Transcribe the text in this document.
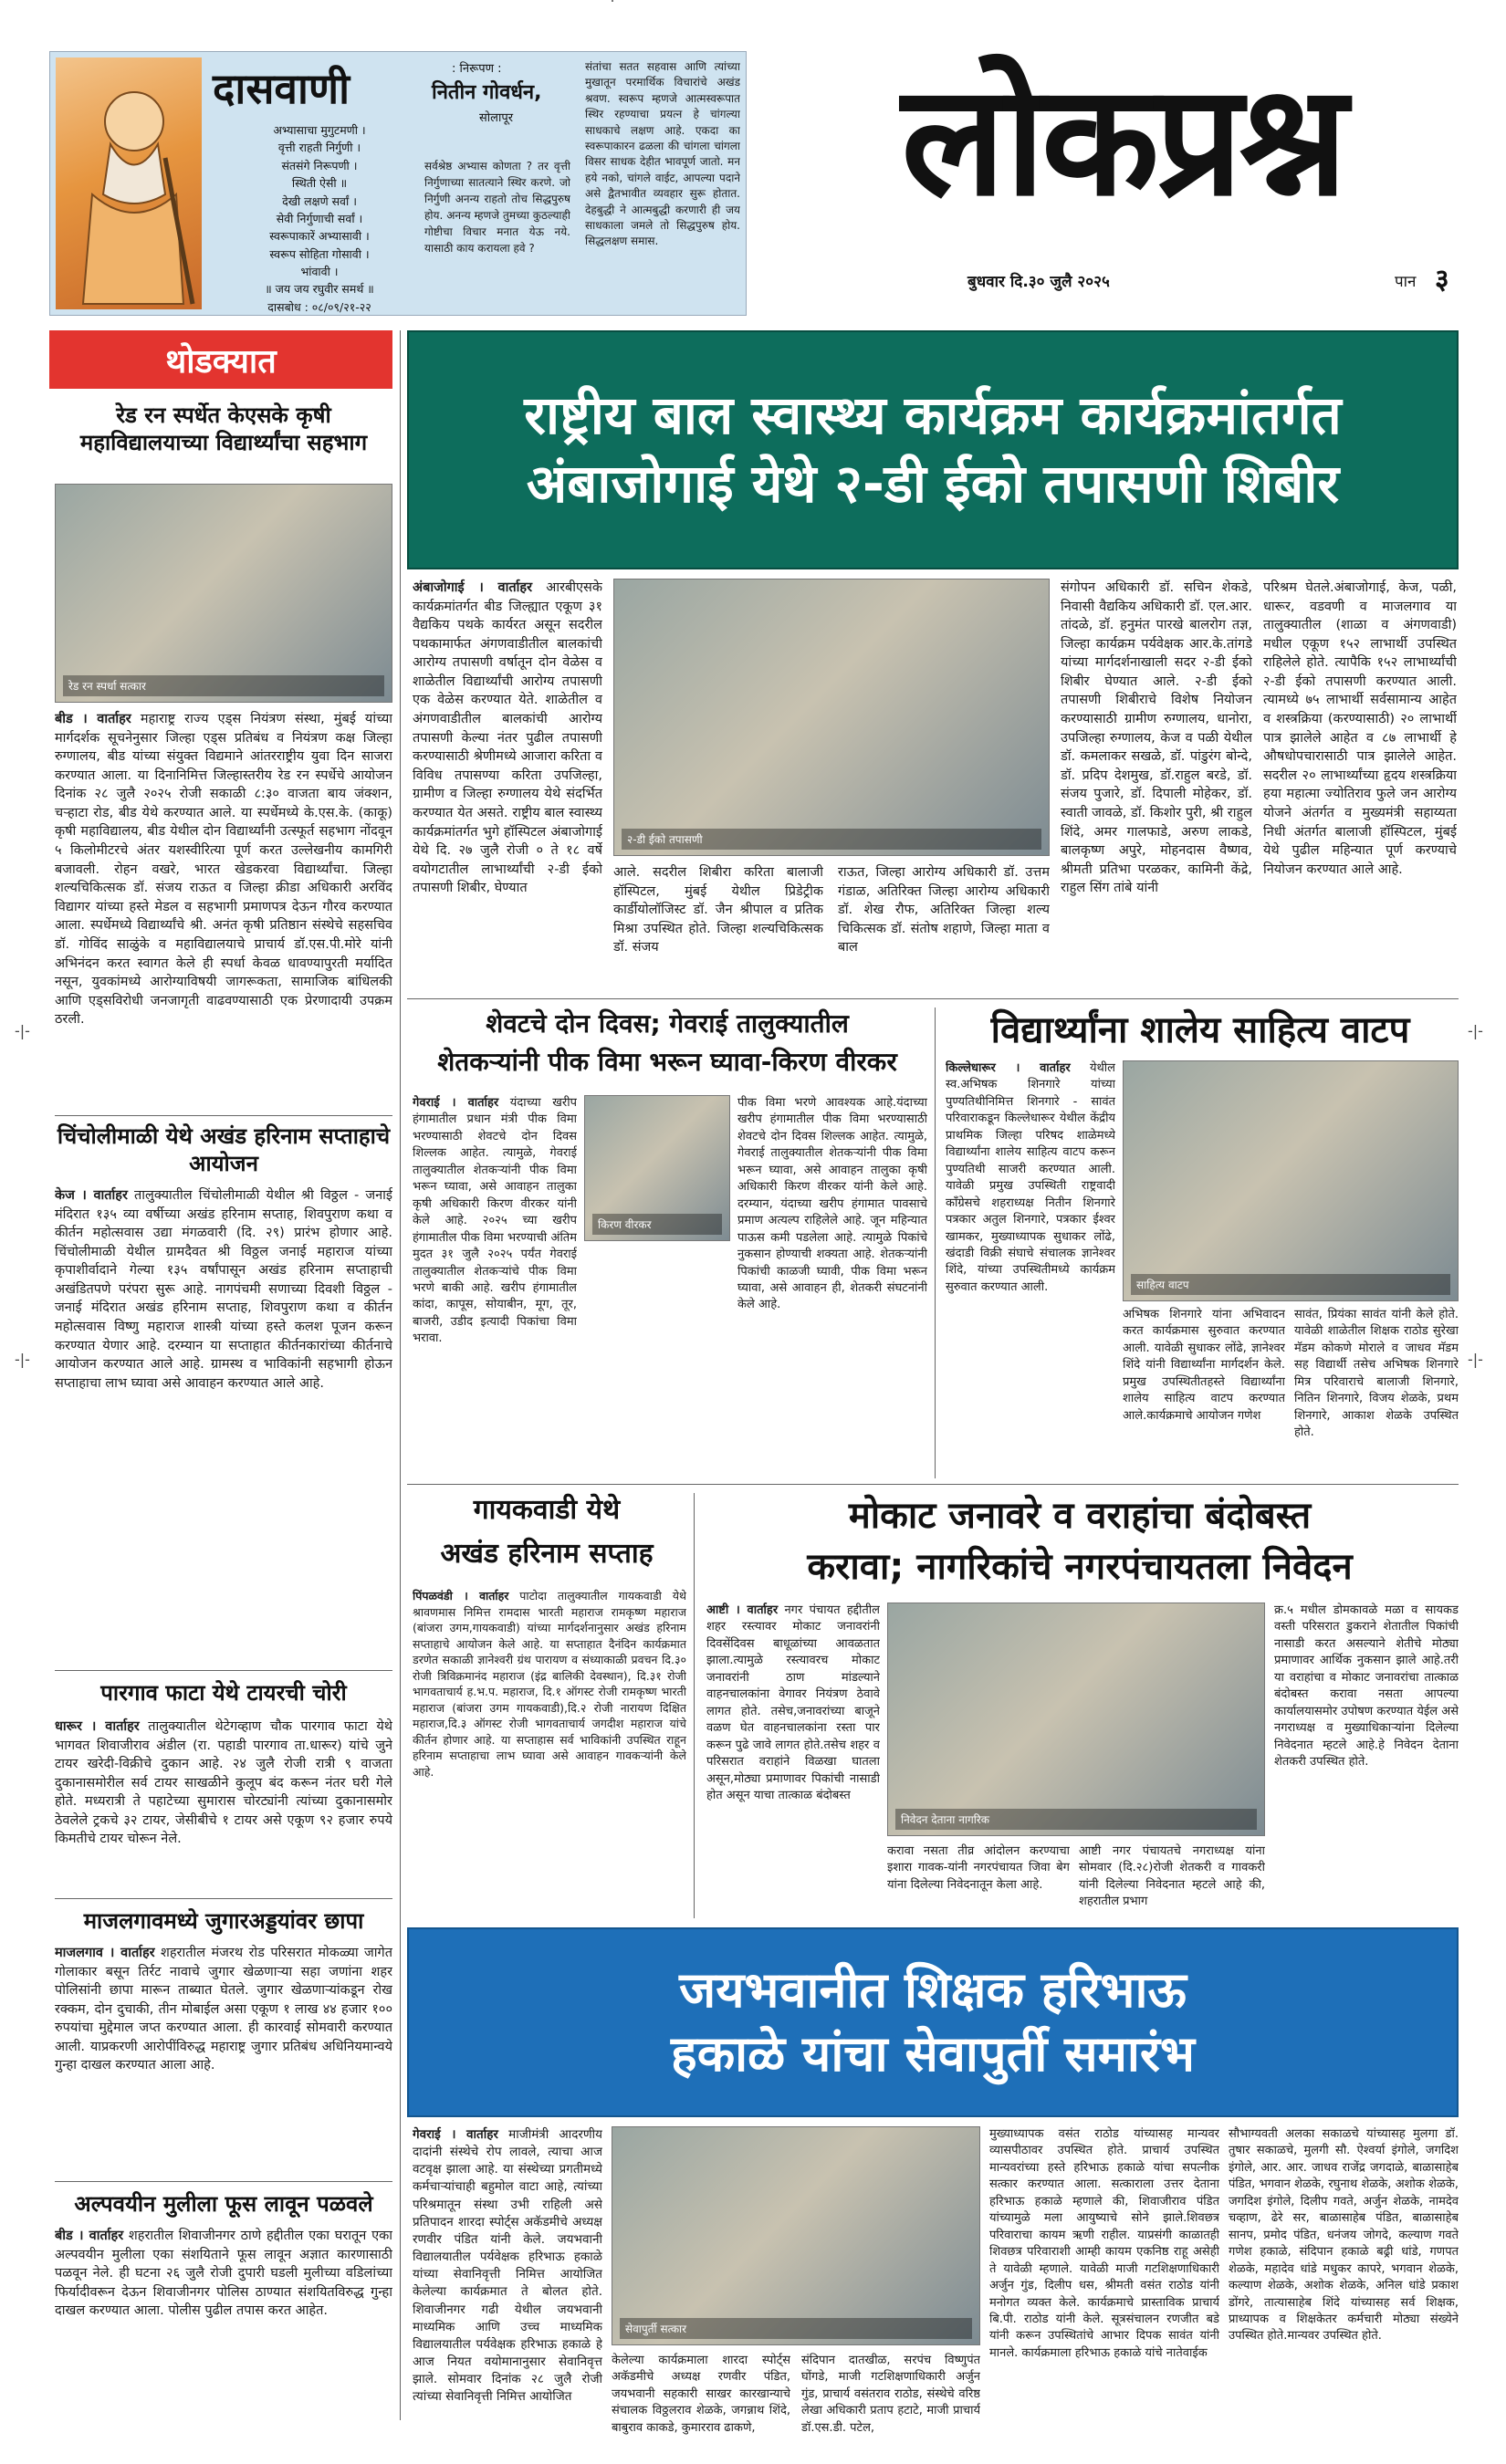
दासवाणी
अभ्यासाचा मुगुटमणी ।
वृत्ती राहती निर्गुणी ।
संतसंगे निरूपणी ।
स्थिती ऐसी ॥
देखी लक्षणे सर्वां ।
सेवी निर्गुणाची सर्वां ।
स्वरूपाकारें अभ्यासावी ।
स्वरूप सोहिता गोसावी ।
भांवावी ।
॥ जय जय रघुवीर समर्थ ॥
दासबोध : ०८/०९/२१-२२
: निरूपण :
नितीन गोवर्धन,
सोलापूर
सर्वश्रेष्ठ अभ्यास कोणता ? तर वृत्ती निर्गुणाच्या सातत्याने स्थिर करणे. जो निर्गुणी अनन्य राहतो तोच सिद्धपुरुष होय. अनन्य म्हणजे तुमच्या कुठल्याही गोष्टीचा विचार मनात येऊ नये. यासाठी काय करायला हवे ?
संतांचा सतत सहवास आणि त्यांच्या मुखातून परमार्थिक विचारांचे अखंड श्रवण. स्वरूप म्हणजे आत्मस्वरूपात स्थिर रहण्याचा प्रयत्न हे चांगल्या साधकाचे लक्षण आहे. एकदा का स्वरूपाकारन ढळला की चांगला चांगला विसर साधक देहीत भावपूर्ण जातो. मन हये नको, चांगले वाईट, आपल्या पदाने असे द्वैतभावीत व्यवहार सुरू होतात. देहबुद्धी ने आत्मबुद्धी करणारी ही जय साधकाला जमले तो सिद्धपुरुष होय. सिद्धलक्षण समास.
लोकप्रश्न
बुधवार दि.३० जुलै २०२५	पान ३
थोडक्यात
रेड रन स्पर्धेत केएसके कृषी महाविद्यालयाच्या विद्यार्थ्यांचा सहभाग
रेड रन स्पर्धा सत्कार
बीड । वार्ताहर महाराष्ट्र राज्य एड्स नियंत्रण संस्था, मुंबई यांच्या मार्गदर्शक सूचनेनुसार जिल्हा एड्स प्रतिबंध व नियंत्रण कक्ष जिल्हा रुग्णालय, बीड यांच्या संयुक्त विद्यमाने आंतरराष्ट्रीय युवा दिन साजरा करण्यात आला. या दिनानिमित्त जिल्हास्तरीय रेड रन स्पर्धेचे आयोजन दिनांक २८ जुलै २०२५ रोजी सकाळी ८:३० वाजता बाय जंक्शन, चऱ्हाटा रोड, बीड येथे करण्यात आले. या स्पर्धेमध्ये के.एस.के. (काकू) कृषी महाविद्यालय, बीड येथील दोन विद्यार्थ्यांनी उत्स्फूर्त सहभाग नोंदवून ५ किलोमीटरचे अंतर यशस्वीरित्या पूर्ण करत उल्लेखनीय कामगिरी बजावली. रोहन वखरे, भारत खेडकरवा विद्यार्थ्यांचा. जिल्हा शल्यचिकित्सक डॉ. संजय राऊत व जिल्हा क्रीडा अधिकारी अरविंद विद्यागर यांच्या हस्ते मेडल व सहभागी प्रमाणपत्र देऊन गौरव करण्यात आला. स्पर्धेमध्ये विद्यार्थ्यांचे श्री. अनंत कृषी प्रतिष्ठान संस्थेचे सहसचिव डॉ. गोविंद साळुंके व महाविद्यालयाचे प्राचार्य डॉ.एस.पी.मोरे यांनी अभिनंदन करत स्वागत केले ही स्पर्धा केवळ धावण्यापुरती मर्यादित नसून, युवकांमध्ये आरोग्याविषयी जागरूकता, सामाजिक बांधिलकी आणि एड्सविरोधी जनजागृती वाढवण्यासाठी एक प्रेरणादायी उपक्रम ठरली.
चिंचोलीमाळी येथे अखंड हरिनाम सप्ताहाचे आयोजन
केज । वार्ताहर तालुक्यातील चिंचोलीमाळी येथील श्री विठ्ठल - जनाई मंदिरात १३५ व्या वर्षीच्या अखंड हरिनाम सप्ताह, शिवपुराण कथा व कीर्तन महोत्सवास उद्या मंगळवारी (दि. २९) प्रारंभ होणार आहे. चिंचोलीमाळी येथील ग्रामदैवत श्री विठ्ठल जनाई महाराज यांच्या कृपाशीर्वादाने गेल्या १३५ वर्षांपासून अखंड हरिनाम सप्ताहाची अखंडितपणे परंपरा सुरू आहे. नागपंचमी सणाच्या दिवशी विठ्ठल - जनाई मंदिरात अखंड हरिनाम सप्ताह, शिवपुराण कथा व कीर्तन महोत्सवास विष्णु महाराज शास्त्री यांच्या हस्ते कलश पूजन करून करण्यात येणार आहे. दरम्यान या सप्ताहात कीर्तनकारांच्या कीर्तनाचे आयोजन करण्यात आले आहे. ग्रामस्थ व भाविकांनी सहभागी होऊन सप्ताहाचा लाभ घ्यावा असे आवाहन करण्यात आले आहे.
पारगाव फाटा येथे टायरची चोरी
धारूर । वार्ताहर तालुक्यातील थेटेगव्हाण चौक पारगाव फाटा येथे भागवत शिवाजीराव अंडील (रा. पहाडी पारगाव ता.धारूर) यांचे जुने टायर खरेदी-विक्रीचे दुकान आहे. २४ जुलै रोजी रात्री ९ वाजता दुकानासमोरील सर्व टायर साखळीने कुलूप बंद करून नंतर घरी गेले होते. मध्यरात्री ते पहाटेच्या सुमारास चोरट्यांनी त्यांच्या दुकानासमोर ठेवलेले ट्रकचे ३२ टायर, जेसीबीचे १ टायर असे एकूण ९२ हजार रुपये किमतीचे टायर चोरून नेले.
माजलगावमध्ये जुगारअड्डयांवर छापा
माजलगाव । वार्ताहर शहरातील मंजरथ रोड परिसरात मोकळ्या जागेत गोलाकार बसून तिर्रट नावाचे जुगार खेळणाऱ्या सहा जणांना शहर पोलिसांनी छापा मारून ताब्यात घेतले. जुगार खेळणाऱ्यांकडून रोख रक्कम, दोन दुचाकी, तीन मोबाईल असा एकूण १ लाख ४४ हजार १०० रुपयांचा मुद्देमाल जप्त करण्यात आला. ही कारवाई सोमवारी करण्यात आली. याप्रकरणी आरोपींविरुद्ध महाराष्ट्र जुगार प्रतिबंध अधिनियमान्वये गुन्हा दाखल करण्यात आला आहे.
अल्पवयीन मुलीला फूस लावून पळवले
बीड । वार्ताहर शहरातील शिवाजीनगर ठाणे हद्दीतील एका घरातून एका अल्पवयीन मुलीला एका संशयिताने फूस लावून अज्ञात कारणासाठी पळवून नेले. ही घटना २६ जुलै रोजी दुपारी घडली मुलीच्या वडिलांच्या फिर्यादीवरून देऊन शिवाजीनगर पोलिस ठाण्यात संशयितविरुद्ध गुन्हा दाखल करण्यात आला. पोलीस पुढील तपास करत आहेत.
राष्ट्रीय बाल स्वास्थ्य कार्यक्रम कार्यक्रमांतर्गत
अंबाजोगाई येथे २-डी ईको तपासणी शिबीर
अंबाजोगाई । वार्ताहर आरबीएसके कार्यक्रमांतर्गत बीड जिल्ह्यात एकूण ३१ वैद्यकिय पथके कार्यरत असून सदरील पथकामार्फत अंगणवाडीतील बालकांची आरोग्य तपासणी वर्षातून दोन वेळेस व शाळेतील विद्यार्थ्यांची आरोग्य तपासणी एक वेळेस करण्यात येते. शाळेतील व अंगणवाडीतील बालकांची आरोग्य तपासणी केल्या नंतर पुढील तपासणी करण्यासाठी श्रेणीमध्ये आजारा करिता व विविध तपासण्या करिता उपजिल्हा, ग्रामीण व जिल्हा रुग्णालय येथे संदर्भित करण्यात येत असते. राष्ट्रीय बाल स्वास्थ्य कार्यक्रमांतर्गत भुगे हॉस्पिटल अंबाजोगाई येथे दि. २७ जुलै रोजी ० ते १८ वर्षे वयोगटातील लाभार्थ्यांची २-डी ईको तपासणी शिबीर, घेण्यात
२-डी ईको तपासणी
आले. सदरील शिबीरा करिता बालाजी हॉस्पिटल, मुंबई येथील प्रिडेट्रीक कार्डीयोलॉजिस्ट डॉ. जैन श्रीपाल व प्रतिक मिश्रा उपस्थित होते. जिल्हा शल्यचिकित्सक डॉ. संजय
राऊत, जिल्हा आरोग्य अधिकारी डॉ. उत्तम गंडाळ, अतिरिक्त जिल्हा आरोग्य अधिकारी डॉ. शेख रौफ, अतिरिक्त जिल्हा शल्य चिकित्सक डॉ. संतोष शहाणे, जिल्हा माता व बाल
संगोपन अधिकारी डॉ. सचिन शेकडे, निवासी वैद्यकिय अधिकारी डॉ. एल.आर. तांदळे, डॉ. हनुमंत पारखे बालरोग तज्ञ, जिल्हा कार्यक्रम पर्यवेक्षक आर.के.तांगडे यांच्या मार्गदर्शनाखाली सदर २-डी ईको शिबीर घेण्यात आले. २-डी ईको तपासणी शिबीराचे विशेष नियोजन करण्यासाठी ग्रामीण रुग्णालय, धानोरा, उपजिल्हा रुग्णालय, केज व पळी येथील डॉ. कमलाकर सखळे, डॉ. पांडुरंग बोन्दे, डॉ. प्रदिप देशमुख, डॉ.राहुल बरडे, डॉ. संजय पुजारे, डॉ. दिपाली मोहेकर, डॉ. स्वाती जावळे, डॉ. किशोर पुरी, श्री राहुल शिंदे, अमर गालफाडे, अरुण लाकडे, बालकृष्ण अपुरे, मोहनदास वैष्णव, श्रीमती प्रतिभा परळकर, कामिनी केंद्रे, राहुल सिंग तांबे यांनी
परिश्रम घेतले.अंबाजोगाई, केज, पळी, धारूर, वडवणी व माजलगाव या तालुक्यातील (शाळा व अंगणवाडी) मधील एकूण १५२ लाभार्थी उपस्थित राहिलेले होते. त्यापैकि १५२ लाभार्थ्यांची २-डी ईको तपासणी करण्यात आली. त्यामध्ये ७५ लाभार्थी सर्वसामान्य आहेत व शस्त्रक्रिया (करण्यासाठी) २० लाभार्थी पात्र झालेले आहेत व ८७ लाभार्थी हे औषधोपचारासाठी पात्र झालेले आहेत. सदरील २० लाभार्थ्यांच्या हृदय शस्त्रक्रिया हया महात्मा ज्योतिराव फुले जन आरोग्य योजने अंतर्गत व मुख्यमंत्री सहाय्यता निधी अंतर्गत बालाजी हॉस्पिटल, मुंबई येथे पुढील महिन्यात पूर्ण करण्याचे नियोजन करण्यात आले आहे.
शेवटचे दोन दिवस; गेवराई तालुक्यातील
शेतकऱ्यांनी पीक विमा भरून घ्यावा-किरण वीरकर
किरण वीरकर
गेवराई । वार्ताहर यंदाच्या खरीप हंगामातील प्रधान मंत्री पीक विमा भरण्यासाठी शेवटचे दोन दिवस शिल्लक आहेत. त्यामुळे, गेवराई तालुक्यातील शेतकऱ्यांनी पीक विमा भरून घ्यावा, असे आवाहन तालुका कृषी अधिकारी किरण वीरकर यांनी केले आहे. २०२५ च्या खरीप हंगामातील पीक विमा भरण्याची अंतिम मुदत ३१ जुलै २०२५ पर्यंत गेवराई तालुक्यातील शेतकऱ्यांचे पीक विमा भरणे बाकी आहे. खरीप हंगामातील कांदा, कापूस, सोयाबीन, मूग, तूर, बाजरी, उडीद इत्यादी पिकांचा विमा भरावा.
पीक विमा भरणे आवश्यक आहे.यंदाच्या खरीप हंगामातील पीक विमा भरण्यासाठी शेवटचे दोन दिवस शिल्लक आहेत. त्यामुळे, गेवराई तालुक्यातील शेतकऱ्यांनी पीक विमा भरून घ्यावा, असे आवाहन तालुका कृषी अधिकारी किरण वीरकर यांनी केले आहे. दरम्यान, यंदाच्या खरीप हंगामात पावसाचे प्रमाण अत्यल्प राहिलेले आहे. जून महिन्यात पाऊस कमी पडलेला आहे. त्यामुळे पिकांचे नुकसान होण्याची शक्यता आहे. शेतकऱ्यांनी पिकांची काळजी घ्यावी, पीक विमा भरून घ्यावा, असे आवाहन ही, शेतकरी संघटनांनी केले आहे.
विद्यार्थ्यांना शालेय साहित्य वाटप
किल्लेधारूर । वार्ताहर येथील स्व.अभिषक शिनगारे यांच्या पुण्यतिथीनिमित्त शिनगारे - सावंत परिवाराकडून किल्लेधारूर येथील केंद्रीय प्राथमिक जिल्हा परिषद शाळेमध्ये विद्यार्थ्यांना शालेय साहित्य वाटप करून पुण्यतिथी साजरी करण्यात आली. यावेळी प्रमुख उपस्थिती राष्ट्रवादी कॉंग्रेसचे शहराध्यक्ष नितीन शिनगारे पत्रकार अतुल शिनगारे, पत्रकार ईश्वर खामकर, मुख्याध्यापक सुधाकर लोंढे, खंदाडी विक्री संघाचे संचालक ज्ञानेश्वर शिंदे, यांच्या उपस्थितीमध्ये कार्यक्रम सुरुवात करण्यात आली.	साहित्य वाटप
अभिषक शिनगारे यांना अभिवादन करत कार्यक्रमास सुरुवात करण्यात आली. यावेळी सुधाकर लोंढे, ज्ञानेश्वर शिंदे यांनी विद्यार्थ्यांना मार्गदर्शन केले. प्रमुख उपस्थितीतहस्ते विद्यार्थ्यांना शालेय साहित्य वाटप करण्यात आले.कार्यक्रमाचे आयोजन गणेश
सावंत, प्रियंका सावंत यांनी केले होते. यावेळी शाळेतील शिक्षक राठोड सुरेखा मॅडम कोकणे मोराले व जाधव मॅडम सह विद्यार्थी तसेच अभिषक शिनगारे मित्र परिवाराचे बालाजी शिनगारे, नितिन शिनगारे, विजय शेळके, प्रथम शिनगारे, आकाश शेळके उपस्थित होते.
गायकवाडी येथे
अखंड हरिनाम सप्ताह
पिंपळवंडी । वार्ताहर पाटोदा तालुक्यातील गायकवाडी येथे श्रावणमास निमित्त रामदास भारती महाराज रामकृष्ण महाराज (बांजरा उगम,गायकवाडी) यांच्या मार्गदर्शनानुसार अखंड हरिनाम सप्ताहाचे आयोजन केले आहे. या सप्ताहात दैनंदिन कार्यक्रमात डरणेत सकाळी ज्ञानेश्वरी ग्रंथ पारायण व संध्याकाळी प्रवचन दि.३० रोजी त्रिविक्रमानंद महाराज (इंद्र बालिकी देवस्थान), दि.३१ रोजी भागवताचार्य ह.भ.प. महाराज, दि.१ ऑगस्ट रोजी रामकृष्ण भारती महाराज (बांजरा उगम गायकवाडी),दि.२ रोजी नारायण दिक्षित महाराज,दि.३ ऑगस्ट रोजी भागवताचार्य जगदीश महाराज यांचे कीर्तन होणार आहे. या सप्ताहास सर्व भाविकांनी उपस्थित राहून हरिनाम सप्ताहाचा लाभ घ्यावा असे आवाहन गावकऱ्यांनी केले आहे.
मोकाट जनावरे व वराहांचा बंदोबस्त
करावा; नागरिकांचे नगरपंचायतला निवेदन
आष्टी । वार्ताहर नगर पंचायत हद्दीतील शहर रस्त्यावर मोकाट जनावरांनी दिवसेंदिवस बाधूळांच्या आवळतात झाला.त्यामुळे रस्त्यावरच मोकाट जनावरांनी ठाण मांडल्याने वाहनचालकांना वेगावर नियंत्रण ठेवावे लागत होते. तसेच,जनावरांच्या बाजूने वळण घेत वाहनचालकांना रस्ता पार करून पुढे जावे लागत होते.तसेच शहर व परिसरात वराहांने विळखा घातला असून,मोठ्या प्रमाणावर पिकांची नासाडी होत असून याचा तात्काळ बंदोबस्त
निवेदन देताना नागरिक
करावा नसता तीव्र आंदोलन करण्याचा इशारा गावक-यांनी नगरपंचायत जिवा बेग यांना दिलेल्या निवेदनातून केला आहे.
आष्टी नगर पंचायतचे नगराध्यक्ष यांना सोमवार (दि.२८)रोजी शेतकरी व गावकरी यांनी दिलेल्या निवेदनात म्हटले आहे की, शहरातील प्रभाग
क्र.५ मधील डोमकावळे मळा व सायकड वस्ती परिसरात डुकराने शेतातील पिकांची नासाडी करत असल्याने शेतीचे मोठ्या प्रमाणावर आर्थिक नुकसान झाले आहे.तरी या वराहांचा व मोकाट जनावरांचा तात्काळ बंदोबस्त करावा नसता आपल्या कार्यालयासमोर उपोषण करण्यात येईल असे नगराध्यक्ष व मुख्याधिकाऱ्यांना दिलेल्या निवेदनात म्हटले आहे.हे निवेदन देताना शेतकरी उपस्थित होते.
जयभवानीत शिक्षक हरिभाऊ
हकाळे यांचा सेवापुर्ती समारंभ
गेवराई । वार्ताहर माजीमंत्री आदरणीय दादांनी संस्थेचे रोप लावले, त्याचा आज वटवृक्ष झाला आहे. या संस्थेच्या प्रगतीमध्ये कर्मचाऱ्यांचाही बहुमोल वाटा आहे, त्यांच्या परिश्रमातून संस्था उभी राहिली असे प्रतिपादन शारदा स्पोर्ट्स अकॅडमीचे अध्यक्ष रणवीर पंडित यांनी केले. जयभवानी विद्यालयातील पर्यवेक्षक हरिभाऊ हकाळे यांच्या सेवानिवृत्ती निमित्त आयोजित केलेल्या कार्यक्रमात ते बोलत होते. शिवाजीनगर गढी येथील जयभवानी माध्यमिक आणि उच्च माध्यमिक विद्यालयातील पर्यवेक्षक हरिभाऊ हकाळे हे आज नियत वयोमानानुसार सेवानिवृत्त झाले. सोमवार दिनांक २८ जुलै रोजी त्यांच्या सेवानिवृत्ती निमित्त आयोजित
सेवापुर्ती सत्कार
केलेल्या कार्यक्रमाला शारदा स्पोर्ट्स अकॅडमीचे अध्यक्ष रणवीर पंडित, जयभवानी सहकारी साखर कारखान्याचे संचालक विठ्ठलराव शेळके, जगन्नाथ शिंदे, बाबुराव काकडे, कुमारराव ढाकणे,
संदिपान दातखीळ, सरपंच विष्णुपंत घोंगडे, माजी गटशिक्षणाधिकारी अर्जुन गुंड, प्राचार्य वसंतराव राठोड, संस्थेचे वरिष्ठ लेखा अधिकारी प्रताप हटाटे, माजी प्राचार्य डॉ.एस.डी. पटेल,
मुख्याध्यापक वसंत राठोड यांच्यासह मान्यवर व्यासपीठावर उपस्थित होते. प्राचार्य उपस्थित मान्यवरांच्या हस्ते हरिभाऊ हकाळे यांचा सपत्नीक सत्कार करण्यात आला. सत्काराला उत्तर देताना हरिभाऊ हकाळे म्हणाले की, शिवाजीराव पंडित यांच्यामुळे मला आयुष्याचे सोने झाले.शिवछत्र परिवाराचा कायम ऋणी राहील. याप्रसंगी काळातही शिवछत्र परिवाराशी आम्ही कायम एकनिष्ठ राहू असेही ते यावेळी म्हणाले. यावेळी माजी गटशिक्षणाधिकारी अर्जुन गुंड, दिलीप धस, श्रीमती वसंत राठोड यांनी मनोगत व्यक्त केले. कार्यक्रमाचे प्रास्ताविक प्राचार्य बि.पी. राठोड यांनी केले. सूत्रसंचालन रणजीत बडे यांनी करून उपस्थितांचे आभार दिपक सावंत यांनी मानले. कार्यक्रमाला हरिभाऊ हकाळे यांचे नातेवाईक
सौभाग्यवती अलका सकाळचे यांच्यासह मुलगा डॉ. तुषार सकाळचे, मुलगी सौ. ऐश्वर्या इंगोले, जगदिश इंगोले, आर. आर. जाधव राजेंद्र जगदाळे, बाळासाहेब पंडित, भगवान शेळके, रघुनाथ शेळके, अशोक शेळके, जगदिश इंगोले, दिलीप गवते, अर्जुन शेळके, नामदेव चव्हाण, ढेरे सर, बाळासाहेब पंडित, बाळासाहेब सानप, प्रमोद पंडित, धनंजय जोगदे, कल्याण गवते गणेश हकाळे, संदिपान हकाळे बढ्री धांडे, गणपत शेळके, महादेव धांडे मधुकर कापरे, भगवान शेळके, कल्याण शेळके, अशोक शेळके, अनिल धांडे प्रकाश डोंगरे, तात्यासाहेब शिंदे यांच्यासह सर्व शिक्षक, प्राध्यापक व शिक्षकेतर कर्मचारी मोठ्या संख्येने उपस्थित होते.मान्यवर उपस्थित होते.
-|-
-|-
-|-
-|-
